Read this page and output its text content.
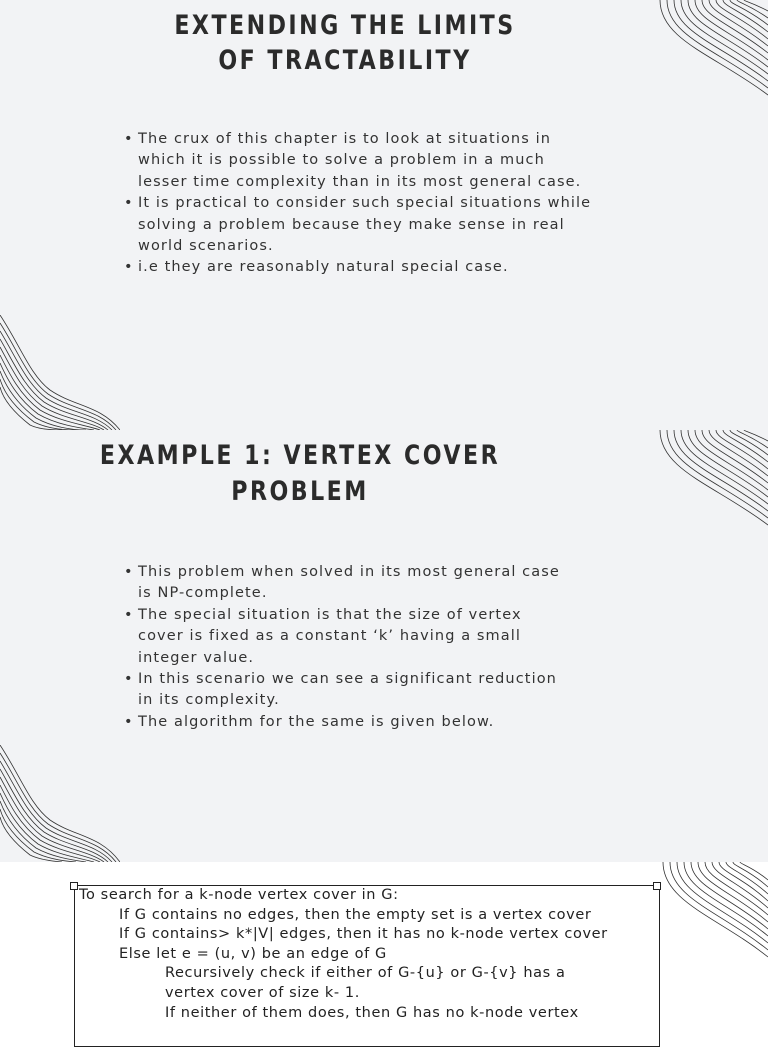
EXTENDING THE LIMITS
OF TRACTABILITY
• The crux of this chapter is to look at situations in which it is possible to solve a problem in a much lesser time complexity than in its most general case.
• It is practical to consider such special situations while solving a problem because they make sense in real world scenarios.
• i.e they are reasonably natural special case.
EXAMPLE 1: VERTEX COVER
PROBLEM
• This problem when solved in its most general case is NP-complete.
• The special situation is that the size of vertex cover is fixed as a constant ‘k’ having a small integer value.
• In this scenario we can see a significant reduction in its complexity.
• The algorithm for the same is given below.
To search for a k-node vertex cover in G:
If G contains no edges, then the empty set is a vertex cover
If G contains> k*|V| edges, then it has no k-node vertex cover
Else let e = (u, v) be an edge of G
Recursively check if either of G-{u} or G-{v} has a
vertex cover of size k- 1.
If neither of them does, then G has no k-node vertex
